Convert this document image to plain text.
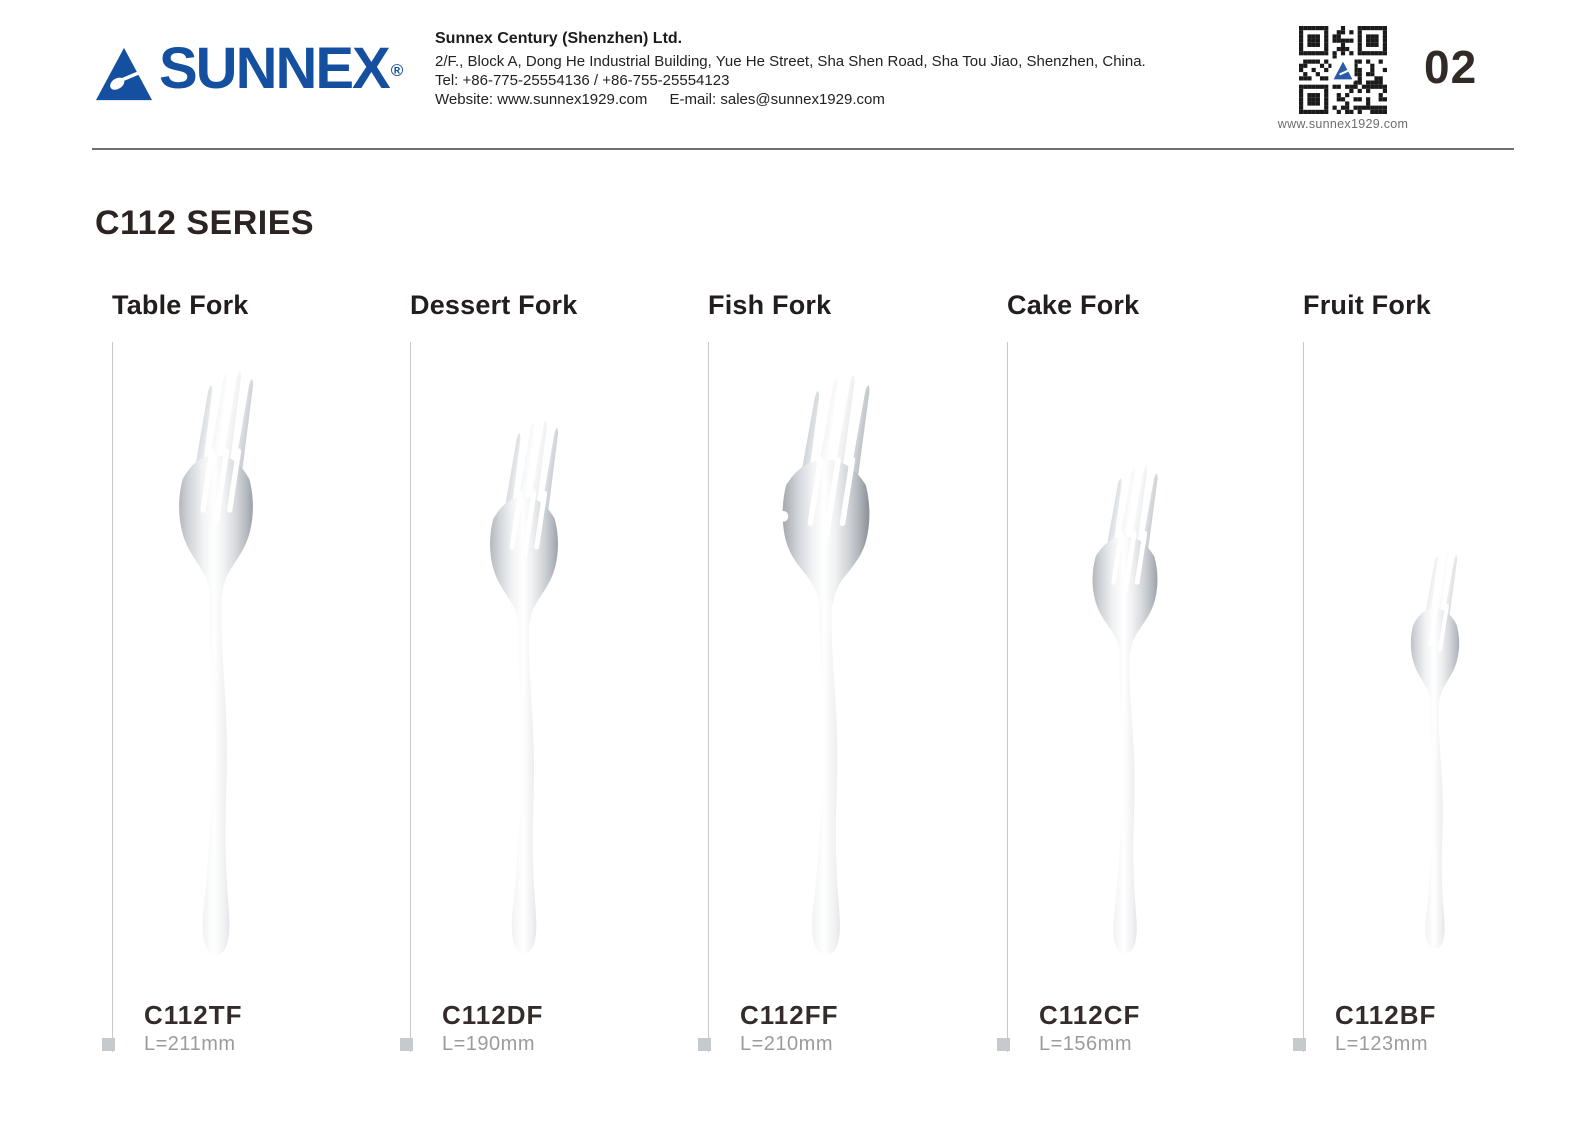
SUNNEX ®
Sunnex Century (Shenzhen) Ltd.
2/F., Block A, Dong He Industrial Building, Yue He Street, Sha Shen Road, Sha Tou Jiao, Shenzhen, China.
Tel: +86-775-25554136 / +86-755-25554123
Website: www.sunnex1929.com E-mail: sales@sunnex1929.com
www.sunnex1929.com
02
C112 SERIES
Table Fork
C112TF
L=211mm
Dessert Fork
C112DF
L=190mm
Fish Fork
C112FF
L=210mm
Cake Fork
C112CF
L=156mm
Fruit Fork
C112BF
L=123mm
